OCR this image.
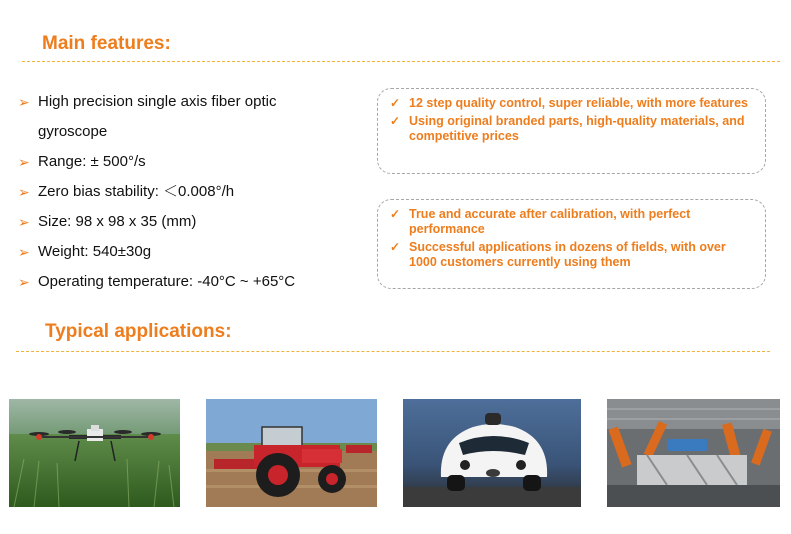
Main features:
➢ High precision single axis fiber optic
gyroscope
➢ Range: ± 500°/s
➢ Zero bias stability: ＜0.008°/h
➢ Size: 98 x 98 x 35 (mm)
➢ Weight: 540±30g
➢ Operating temperature: -40°C ~ +65°C
✓ 12 step quality control, super reliable, with more features
✓ Using original branded parts, high-quality materials, and competitive prices
✓ True and accurate after calibration, with perfect performance
✓ Successful applications in dozens of fields, with over 1000 customers currently using them
Typical applications:
